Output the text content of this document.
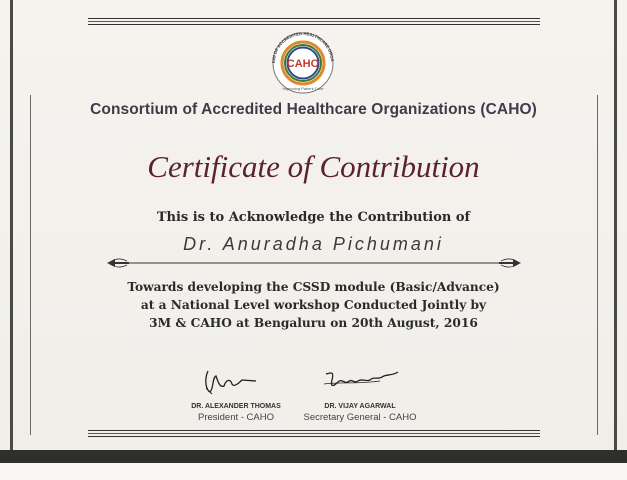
IUM OF ACCREDITED HEALTHCARE ORGA
CAHO
Improving Patient Care
Consortium of Accredited Healthcare Organizations (CAHO)
Certificate of Contribution
This is to Acknowledge the Contribution of
Dr. Anuradha Pichumani
Towards developing the CSSD module (Basic/Advance)
at a National Level workshop Conducted Jointly by
3M & CAHO at Bengaluru on 20th August, 2016
DR. ALEXANDER THOMAS
President - CAHO
DR. VIJAY AGARWAL
Secretary General - CAHO
